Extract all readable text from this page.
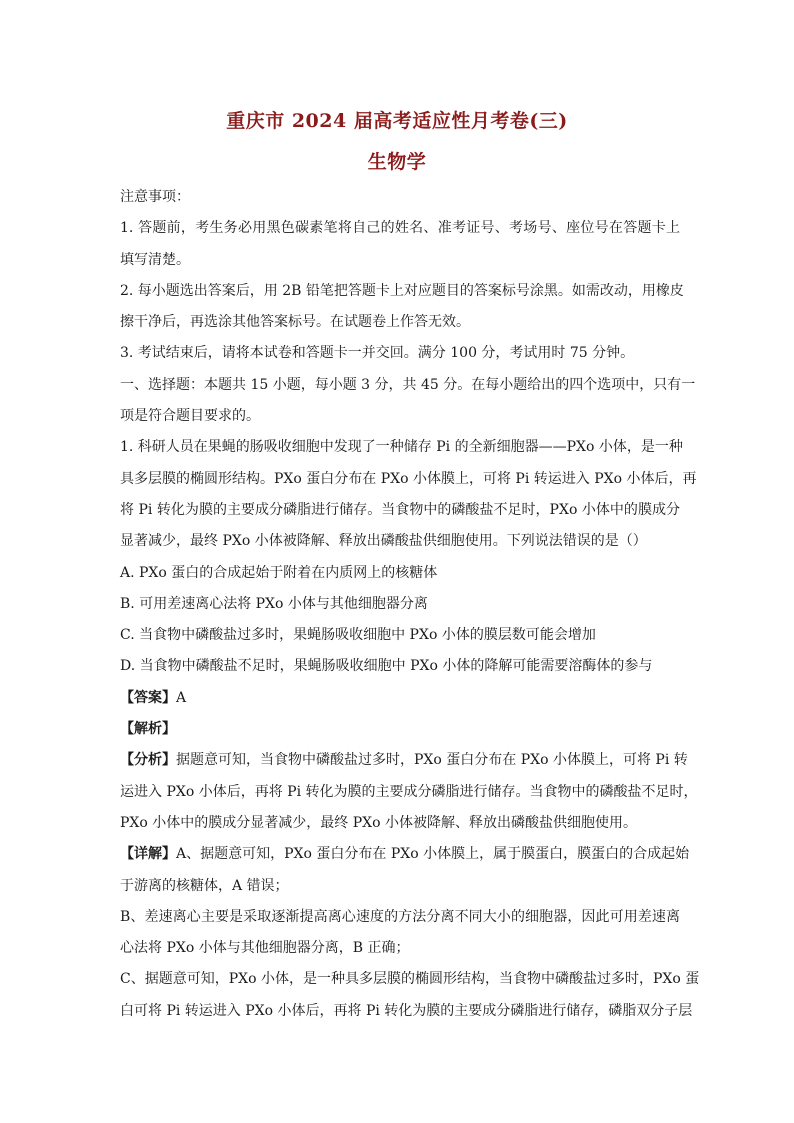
重庆市 2024 届高考适应性月考卷(三)
生物学
注意事项：
1. 答题前，考生务必用黑色碳素笔将自己的姓名、准考证号、考场号、座位号在答题卡上
填写清楚。
2. 每小题选出答案后，用 2B 铅笔把答题卡上对应题目的答案标号涂黑。如需改动，用橡皮
擦干净后，再选涂其他答案标号。在试题卷上作答无效。
3. 考试结束后，请将本试卷和答题卡一并交回。满分 100 分，考试用时 75 分钟。
一、选择题：本题共 15 小题，每小题 3 分，共 45 分。在每小题给出的四个选项中，只有一
项是符合题目要求的。
1. 科研人员在果蝇的肠吸收细胞中发现了一种储存 Pi 的全新细胞器——PXo 小体，是一种
具多层膜的椭圆形结构。PXo 蛋白分布在 PXo 小体膜上，可将 Pi 转运进入 PXo 小体后，再
将 Pi 转化为膜的主要成分磷脂进行储存。当食物中的磷酸盐不足时，PXo 小体中的膜成分
显著减少，最终 PXo 小体被降解、释放出磷酸盐供细胞使用。下列说法错误的是（）
A. PXo 蛋白的合成起始于附着在内质网上的核糖体
B. 可用差速离心法将 PXo 小体与其他细胞器分离
C. 当食物中磷酸盐过多时，果蝇肠吸收细胞中 PXo 小体的膜层数可能会增加
D. 当食物中磷酸盐不足时，果蝇肠吸收细胞中 PXo 小体的降解可能需要溶酶体的参与
【答案】A
【解析】
【分析】据题意可知，当食物中磷酸盐过多时，PXo 蛋白分布在 PXo 小体膜上，可将 Pi 转
运进入 PXo 小体后，再将 Pi 转化为膜的主要成分磷脂进行储存。当食物中的磷酸盐不足时，
PXo 小体中的膜成分显著减少，最终 PXo 小体被降解、释放出磷酸盐供细胞使用。
【详解】A、据题意可知，PXo 蛋白分布在 PXo 小体膜上，属于膜蛋白，膜蛋白的合成起始
于游离的核糖体，A 错误；
B、差速离心主要是采取逐渐提高离心速度的方法分离不同大小的细胞器，因此可用差速离
心法将 PXo 小体与其他细胞器分离，B 正确；
C、据题意可知，PXo 小体，是一种具多层膜的椭圆形结构，当食物中磷酸盐过多时，PXo 蛋
白可将 Pi 转运进入 PXo 小体后，再将 Pi 转化为膜的主要成分磷脂进行储存，磷脂双分子层
